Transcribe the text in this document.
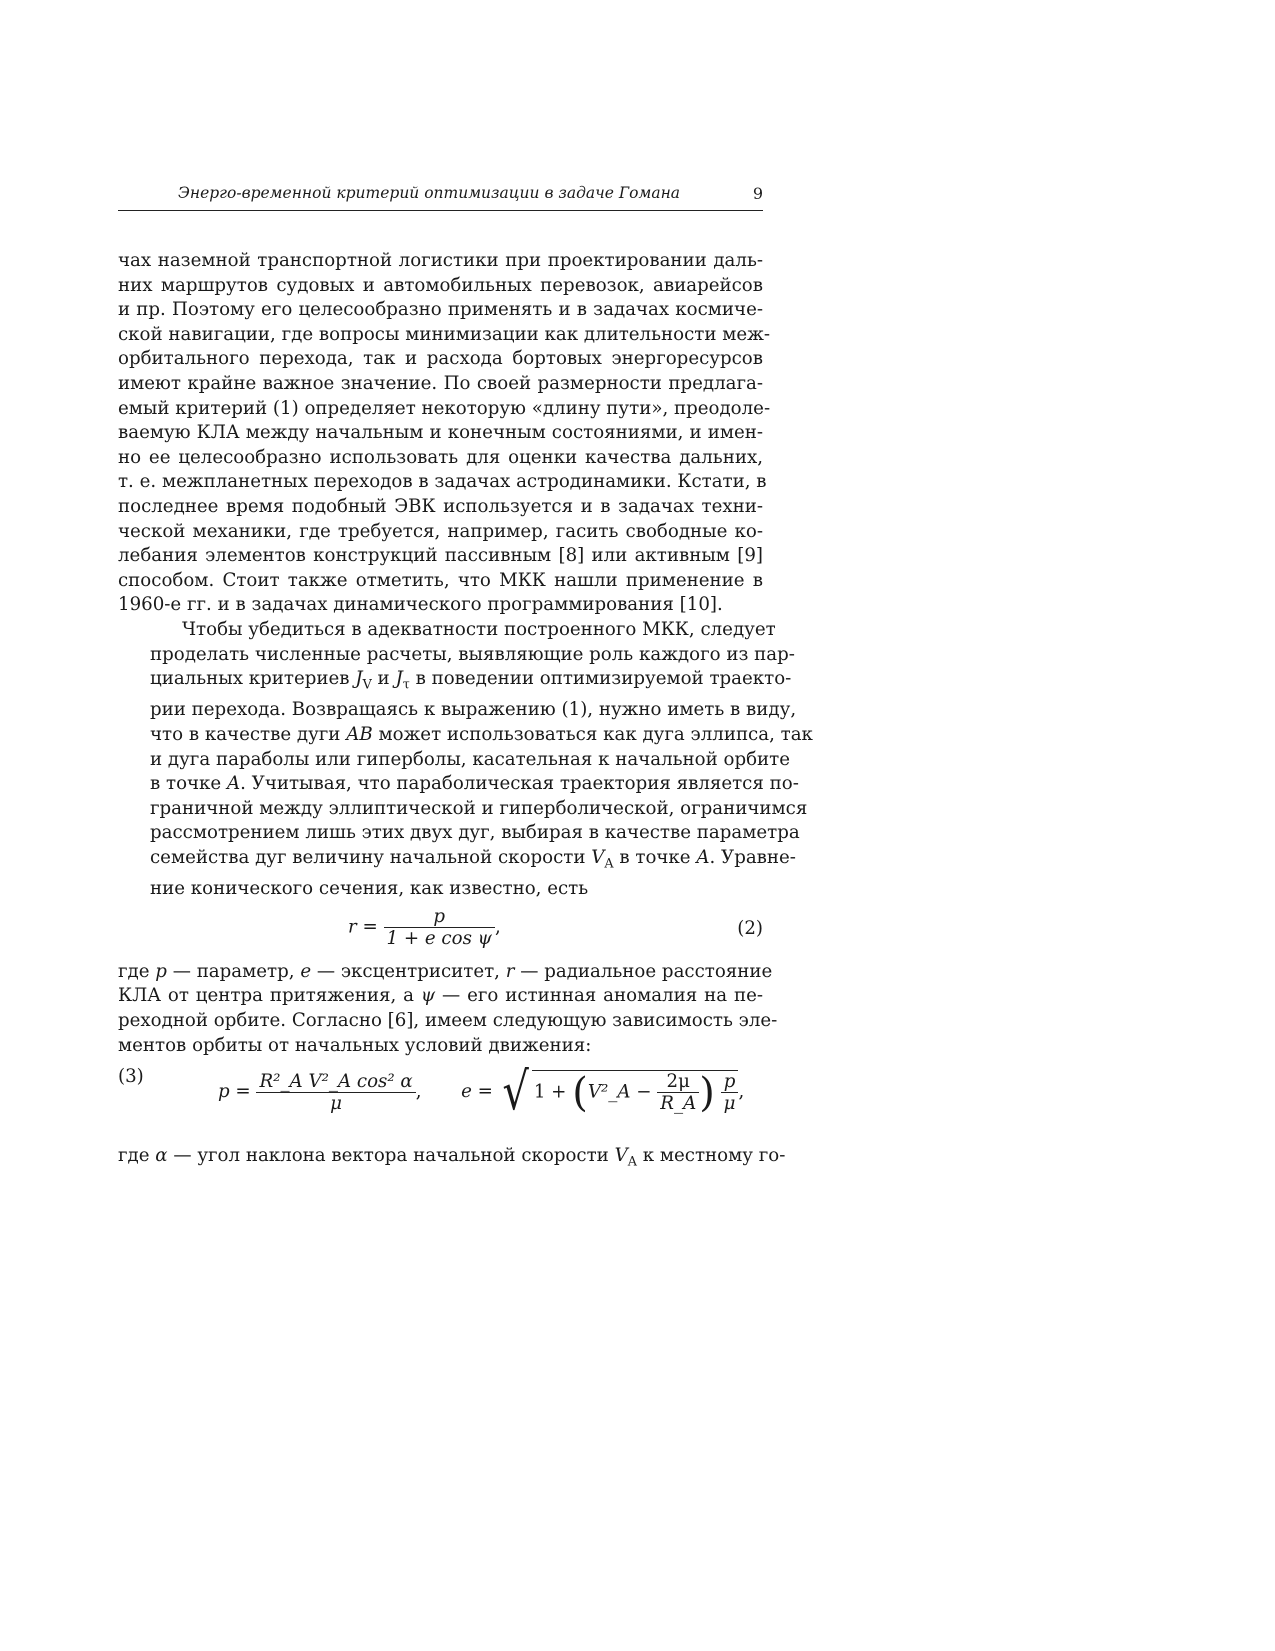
Энерго-временной критерий оптимизации в задаче Гомана	9

чах наземной транспортной логистики при проектировании даль-
них маршрутов судовых и автомобильных перевозок, авиарейсов
и пр. Поэтому его целесообразно применять и в задачах космиче-
ской навигации, где вопросы минимизации как длительности меж-
орбитального перехода, так и расхода бортовых энергоресурсов
имеют крайне важное значение. По своей размерности предлага-
емый критерий (1) определяет некоторую «длину пути», преодоле-
ваемую КЛА между начальным и конечным состояниями, и имен-
но ее целесообразно использовать для оценки качества дальних,
т. е. межпланетных переходов в задачах астродинамики. Кстати, в
последнее время подобный ЭВК используется и в задачах техни-
ческой механики, где требуется, например, гасить свободные ко-
лебания элементов конструкций пассивным [8] или активным [9]
способом. Стоит также отметить, что МКК нашли применение в
1960-е гг. и в задачах динамического программирования [10].

Чтобы убедиться в адекватности построенного МКК, следует
проделать численные расчеты, выявляющие роль каждого из пар-
циальных критериев $J_V$ и $J_\tau$ в поведении оптимизируемой траекто-
рии перехода. Возвращаясь к выражению (1), нужно иметь в виду,
что в качестве дуги AB может использоваться как дуга эллипса, так
и дуга параболы или гиперболы, касательная к начальной орбите
в точке A. Учитывая, что параболическая траектория является по-
граничной между эллиптической и гиперболической, ограничимся
рассмотрением лишь этих двух дуг, выбирая в качестве параметра
семейства дуг величину начальной скорости $V_A$ в точке A. Уравне-
ние конического сечения, как известно, есть

$r = \frac{p}{\text{1 + e cos ψ}}$ ,	(2)

где p — параметр, e — эксцентриситет, r — радиальное расстояние
КЛА от центра притяжения, а ψ — его истинная аномалия на пе-
реходной орбите. Согласно [6], имеем следующую зависимость эле-
ментов орбиты от начальных условий движения:

$p = \frac{\text{R²\_A V²\_A cos² α}}{\mu}$ , e = √ 1 + (V²_A − $\frac{2\mu}{R\_A}$ ) $\frac{p}{\mu}$ ,
(3)

где α — угол наклона вектора начальной скорости $V_A$ к местному го-
